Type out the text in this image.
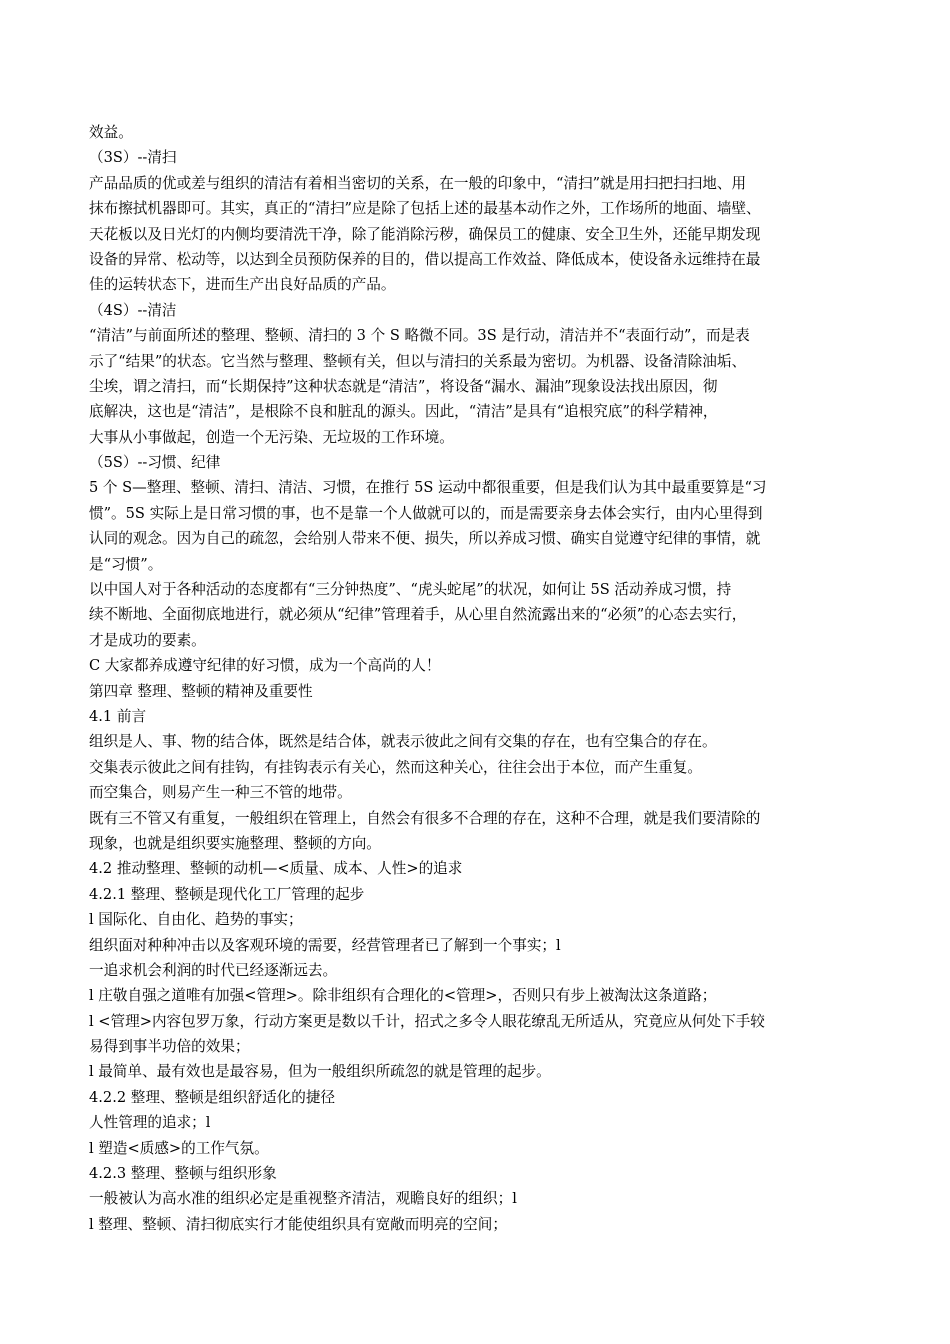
效益。
（3S）--清扫
产品品质的优或差与组织的清洁有着相当密切的关系，在一般的印象中，“清扫”就是用扫把扫扫地、用
抹布擦拭机器即可。其实，真正的“清扫”应是除了包括上述的最基本动作之外，工作场所的地面、墙壁、
天花板以及日光灯的内侧均要清洗干净，除了能消除污秽，确保员工的健康、安全卫生外，还能早期发现
设备的异常、松动等，以达到全员预防保养的目的，借以提高工作效益、降低成本，使设备永远维持在最
佳的运转状态下，进而生产出良好品质的产品。
（4S）--清洁
“清洁”与前面所述的整理、整顿、清扫的 3 个 S 略微不同。3S 是行动，清洁并不“表面行动”，而是表
示了“结果”的状态。它当然与整理、整顿有关，但以与清扫的关系最为密切。为机器、设备清除油垢、
尘埃，谓之清扫，而“长期保持”这种状态就是“清洁”，将设备“漏水、漏油”现象设法找出原因，彻
底解决，这也是“清洁”，是根除不良和脏乱的源头。因此，“清洁”是具有“追根究底”的科学精神，
大事从小事做起，创造一个无污染、无垃圾的工作环境。
（5S）--习惯、纪律
5 个 S—整理、整顿、清扫、清洁、习惯，在推行 5S 运动中都很重要，但是我们认为其中最重要算是“习
惯”。5S 实际上是日常习惯的事，也不是靠一个人做就可以的，而是需要亲身去体会实行，由内心里得到
认同的观念。因为自己的疏忽，会给别人带来不便、损失，所以养成习惯、确实自觉遵守纪律的事情，就
是“习惯”。
以中国人对于各种活动的态度都有“三分钟热度”、“虎头蛇尾”的状况，如何让 5S 活动养成习惯，持
续不断地、全面彻底地进行，就必须从“纪律”管理着手，从心里自然流露出来的“必须”的心态去实行，
才是成功的要素。
C 大家都养成遵守纪律的好习惯，成为一个高尚的人！
第四章 整理、整顿的精神及重要性
4.1 前言
组织是人、事、物的结合体，既然是结合体，就表示彼此之间有交集的存在，也有空集合的存在。
交集表示彼此之间有挂钩，有挂钩表示有关心，然而这种关心，往往会出于本位，而产生重复。
而空集合，则易产生一种三不管的地带。
既有三不管又有重复，一般组织在管理上，自然会有很多不合理的存在，这种不合理，就是我们要清除的
现象，也就是组织要实施整理、整顿的方向。
4.2 推动整理、整顿的动机—<质量、成本、人性>的追求
4.2.1 整理、整顿是现代化工厂管理的起步
l 国际化、自由化、趋势的事实；
组织面对种种冲击以及客观环境的需要，经营管理者已了解到一个事实；l
一追求机会利润的时代已经逐渐远去。
l 庄敬自强之道唯有加强<管理>。除非组织有合理化的<管理>，否则只有步上被淘汰这条道路；
l <管理>内容包罗万象，行动方案更是数以千计，招式之多令人眼花缭乱无所适从，究竟应从何处下手较
易得到事半功倍的效果；
l 最简单、最有效也是最容易，但为一般组织所疏忽的就是管理的起步。
4.2.2 整理、整顿是组织舒适化的捷径
人性管理的追求；l
l 塑造<质感>的工作气氛。
4.2.3 整理、整顿与组织形象
一般被认为高水准的组织必定是重视整齐清洁，观瞻良好的组织；l
l 整理、整顿、清扫彻底实行才能使组织具有宽敞而明亮的空间；
